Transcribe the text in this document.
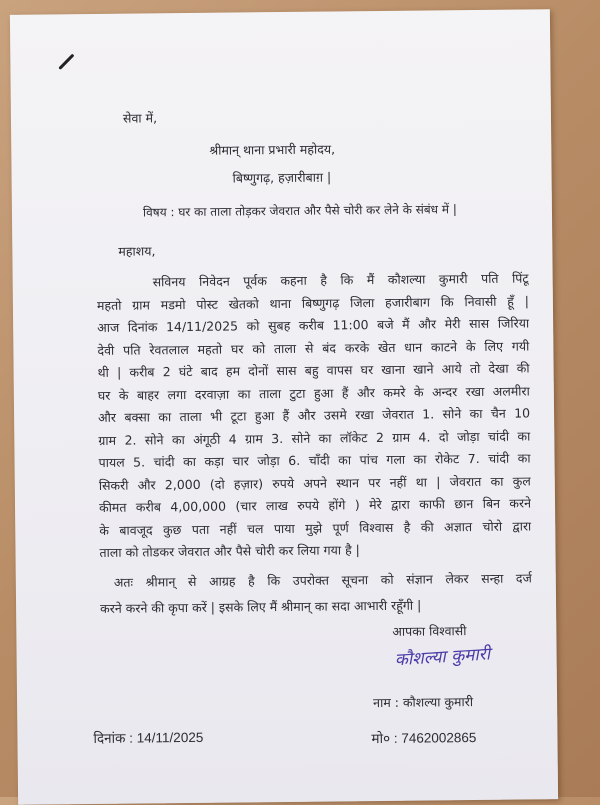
सेवा में,
श्रीमान् थाना प्रभारी महोदय,
बिष्णुगढ़, हज़ारीबाग़ |
विषय : घर का ताला तोड़कर जेवरात और पैसे चोरी कर लेने के संबंध में |
महाशय,
सविनय निवेदन पूर्वक कहना है कि मैं कौशल्या कुमारी पति पिंटू
महतो ग्राम मडमो पोस्ट खेतको थाना बिष्णुगढ़ जिला हजारीबाग कि निवासी हूँ |
आज दिनांक 14/11/2025 को सुबह करीब 11:00 बजे मैं और मेरी सास जिरिया
देवी पति रेवतलाल महतो घर को ताला से बंद करके खेत धान काटने के लिए गयी
थी | करीब 2 घंटे बाद हम दोनों सास बहु वापस घर खाना खाने आये तो देखा की
घर के बाहर लगा दरवाज़ा का ताला टुटा हुआ हैं और कमरे के अन्दर रखा अलमीरा
और बक्सा का ताला भी टूटा हुआ हैं और उसमे रखा जेवरात 1. सोने का चैन 10
ग्राम 2. सोने का अंगूठी 4 ग्राम 3. सोने का लॉकेट 2 ग्राम 4. दो जोड़ा चांदी का
पायल 5. चांदी का कड़ा चार जोड़ा 6. चाँदी का पांच गला का रोकेट 7. चांदी का
सिकरी और 2,000 (दो हज़ार) रुपये अपने स्थान पर नहीं था | जेवरात का कुल
कीमत करीब 4,00,000 (चार लाख रुपये होंगे ) मेरे द्वारा काफी छान बिन करने
के बावजूद कुछ पता नहीं चल पाया मुझे पूर्ण विश्वास है की अज्ञात चोरो द्वारा
ताला को तोडकर जेवरात और पैसे चोरी कर लिया गया है |
अतः श्रीमान् से आग्रह है कि उपरोक्त सूचना को संज्ञान लेकर सन्हा दर्ज
करने करने की कृपा करें | इसके लिए मैं श्रीमान् का सदा आभारी रहूँगी |
आपका विश्वासी
कौशल्या कुमारी
नाम : कौशल्या कुमारी
दिनांक : 14/11/2025	मो० : 7462002865
